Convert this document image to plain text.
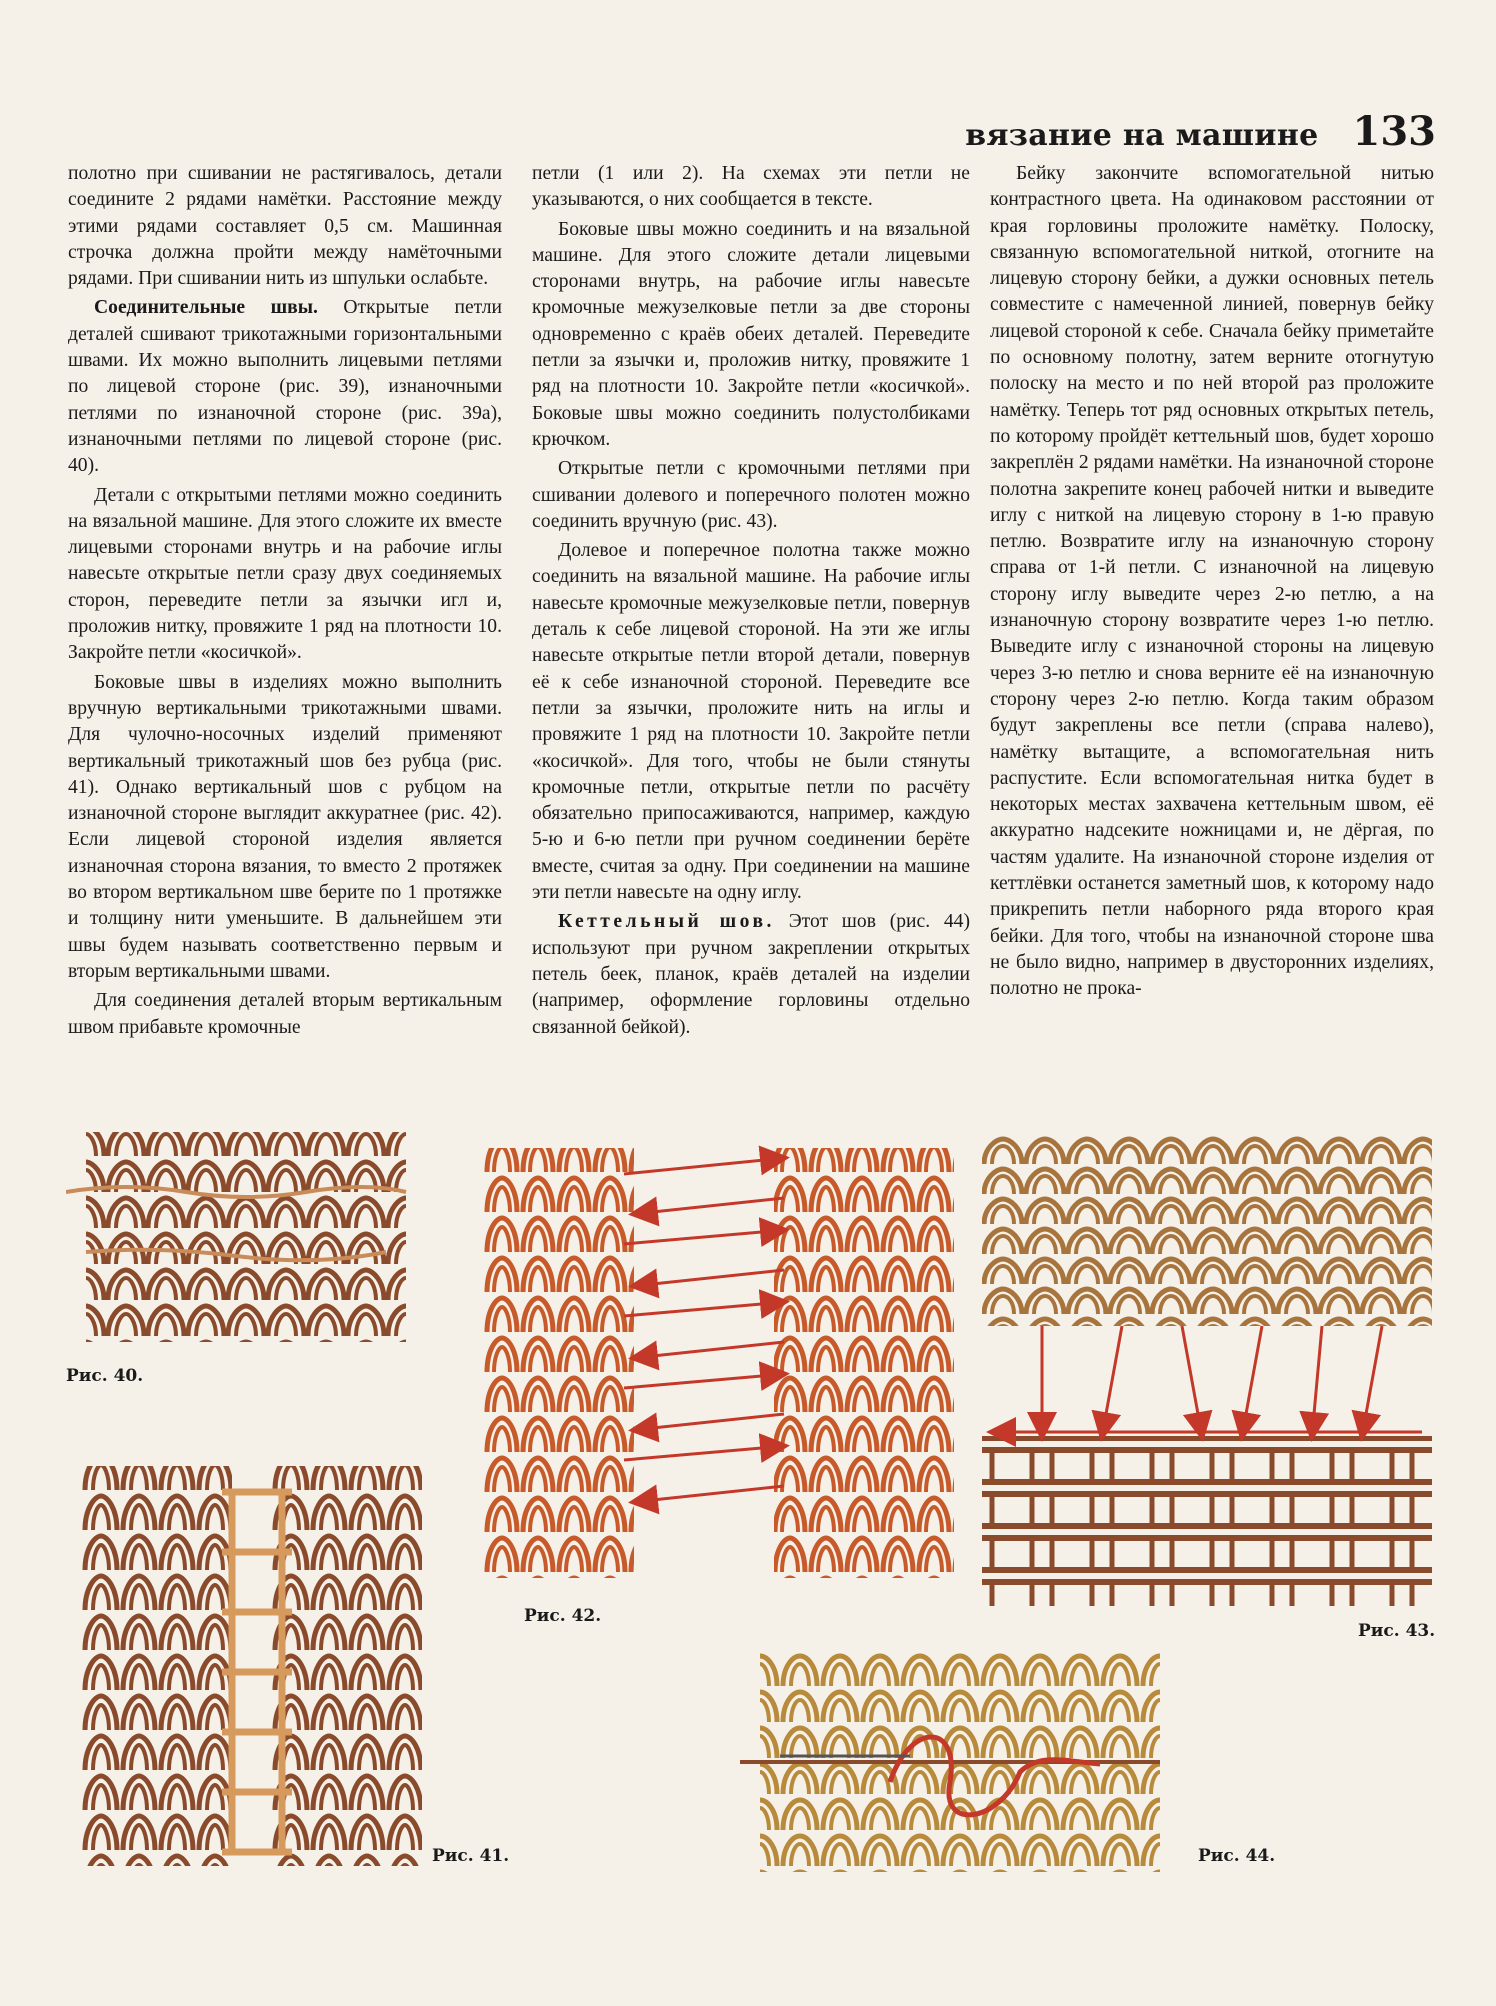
вязание на машине 133

полотно при сшивании не растягивалось, детали соедините 2 рядами намётки. Расстояние между этими рядами составляет 0,5 см. Машинная строчка должна пройти между намёточными рядами. При сшивании нить из шпульки ослабьте.

Соединительные швы. Открытые петли деталей сшивают трикотажными горизонтальными швами. Их можно выполнить лицевыми петлями по лицевой стороне (рис. 39), изнаночными петлями по изнаночной стороне (рис. 39а), изнаночными петлями по лицевой стороне (рис. 40).

Детали с открытыми петлями можно соединить на вязальной машине. Для этого сложите их вместе лицевыми сторонами внутрь и на рабочие иглы навесьте открытые петли сразу двух соединяемых сторон, переведите петли за язычки игл и, проложив нитку, провяжите 1 ряд на плотности 10. Закройте петли «косичкой».

Боковые швы в изделиях можно выполнить вручную вертикальными трикотажными швами. Для чулочно-носочных изделий применяют вертикальный трикотажный шов без рубца (рис. 41). Однако вертикальный шов с рубцом на изнаночной стороне выглядит аккуратнее (рис. 42). Если лицевой стороной изделия является изнаночная сторона вязания, то вместо 2 протяжек во втором вертикальном шве берите по 1 протяжке и толщину нити уменьшите. В дальнейшем эти швы будем называть соответственно первым и вторым вертикальными швами.

Для соединения деталей вторым вертикальным швом прибавьте кромочные

петли (1 или 2). На схемах эти петли не указываются, о них сообщается в тексте.

Боковые швы можно соединить и на вязальной машине. Для этого сложите детали лицевыми сторонами внутрь, на рабочие иглы навесьте кромочные межузелковые петли за две стороны одновременно с краёв обеих деталей. Переведите петли за язычки и, проложив нитку, провяжите 1 ряд на плотности 10. Закройте петли «косичкой». Боковые швы можно соединить полустолбиками крючком.

Открытые петли с кромочными петлями при сшивании долевого и поперечного полотен можно соединить вручную (рис. 43).

Долевое и поперечное полотна также можно соединить на вязальной машине. На рабочие иглы навесьте кромочные межузелковые петли, повернув деталь к себе лицевой стороной. На эти же иглы навесьте открытые петли второй детали, повернув её к себе изнаночной стороной. Переведите все петли за язычки, проложите нить на иглы и провяжите 1 ряд на плотности 10. Закройте петли «косичкой». Для того, чтобы не были стянуты кромочные петли, открытые петли по расчёту обязательно припосаживаются, например, каждую 5-ю и 6-ю петли при ручном соединении берёте вместе, считая за одну. При соединении на машине эти петли навесьте на одну иглу.

Кеттельный шов. Этот шов (рис. 44) используют при ручном закреплении открытых петель беек, планок, краёв деталей на изделии (например, оформление горловины отдельно связанной бейкой).

Бейку закончите вспомогательной нитью контрастного цвета. На одинаковом расстоянии от края горловины проложите намётку. Полоску, связанную вспомогательной ниткой, отогните на лицевую сторону бейки, а дужки основных петель совместите с намеченной линией, повернув бейку лицевой стороной к себе. Сначала бейку приметайте по основному полотну, затем верните отогнутую полоску на место и по ней второй раз проложите намётку. Теперь тот ряд основных открытых петель, по которому пройдёт кеттельный шов, будет хорошо закреплён 2 рядами намётки. На изнаночной стороне полотна закрепите конец рабочей нитки и выведите иглу с ниткой на лицевую сторону в 1-ю правую петлю. Возвратите иглу на изнаночную сторону справа от 1-й петли. С изнаночной на лицевую сторону иглу выведите через 2-ю петлю, а на изнаночную сторону возвратите через 1-ю петлю. Выведите иглу с изнаночной стороны на лицевую через 3-ю петлю и снова верните её на изнаночную сторону через 2-ю петлю. Когда таким образом будут закреплены все петли (справа налево), намётку вытащите, а вспомогательная нить распустите. Если вспомогательная нитка будет в некоторых местах захвачена кеттельным швом, её аккуратно надсеките ножницами и, не дёргая, по частям удалите. На изнаночной стороне изделия от кеттлёвки останется заметный шов, к которому надо прикрепить петли наборного ряда второго края бейки. Для того, чтобы на изнаночной стороне шва не было видно, например в двусторонних изделиях, полотно не прока-

Рис. 40.
Рис. 41.
Рис. 42.
Рис. 43.
Рис. 44.
